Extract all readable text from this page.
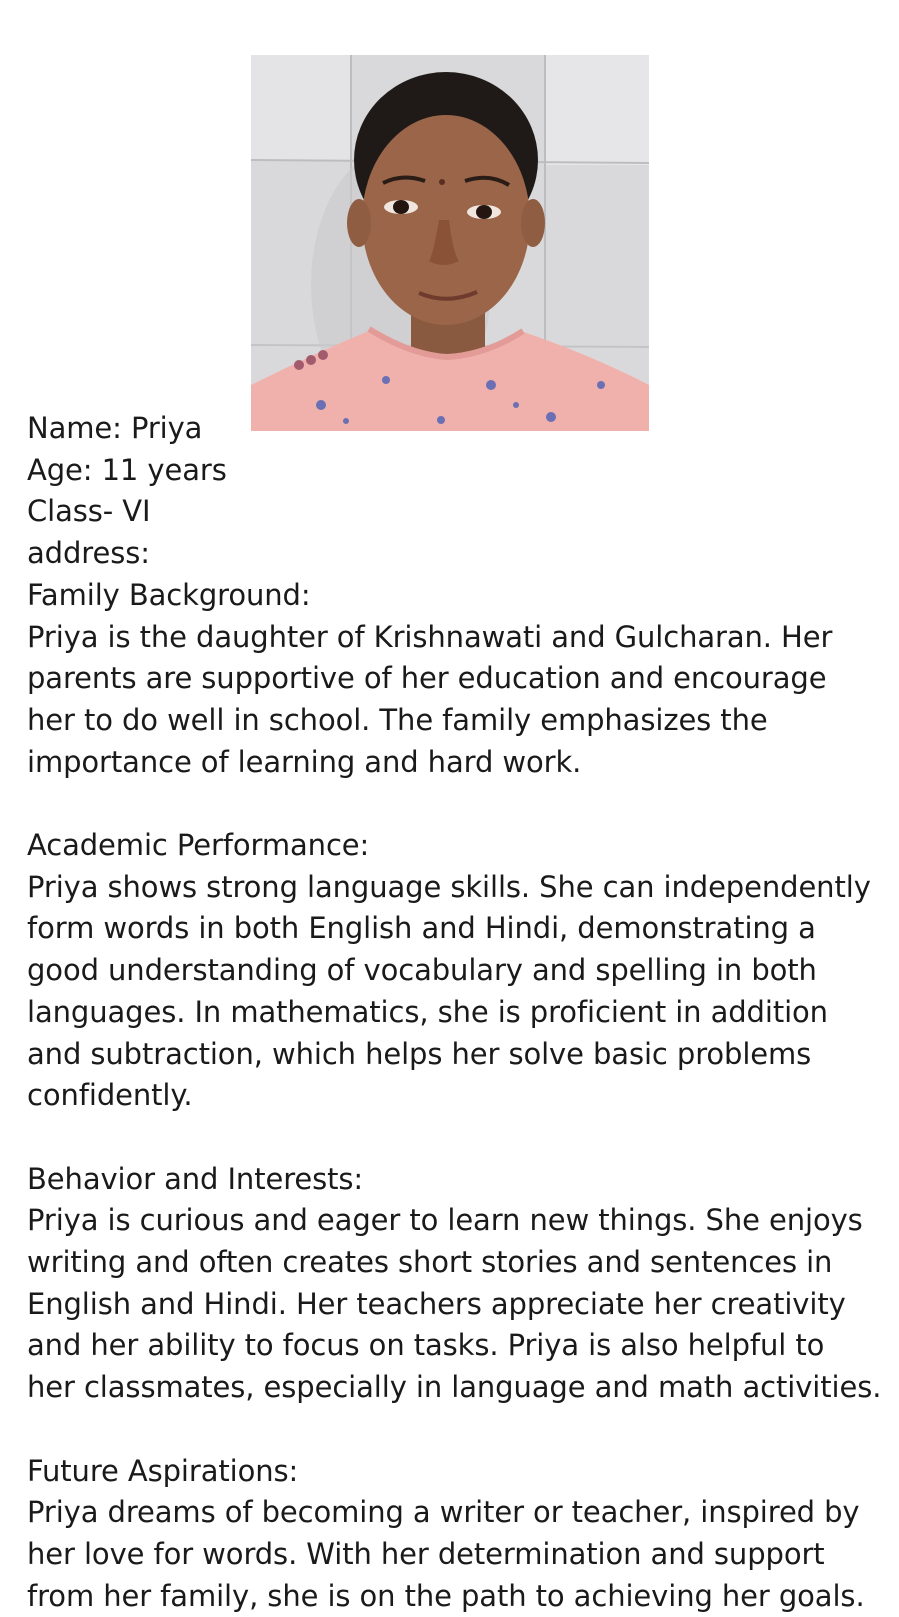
Name: Priya
Age: 11 years
Class- VI
address:
Family Background:
Priya is the daughter of Krishnawati and Gulcharan. Her
parents are supportive of her education and encourage
her to do well in school. The family emphasizes the
importance of learning and hard work.
Academic Performance:
Priya shows strong language skills. She can independently
form words in both English and Hindi, demonstrating a
good understanding of vocabulary and spelling in both
languages. In mathematics, she is proficient in addition
and subtraction, which helps her solve basic problems
confidently.
Behavior and Interests:
Priya is curious and eager to learn new things. She enjoys
writing and often creates short stories and sentences in
English and Hindi. Her teachers appreciate her creativity
and her ability to focus on tasks. Priya is also helpful to
her classmates, especially in language and math activities.
Future Aspirations:
Priya dreams of becoming a writer or teacher, inspired by
her love for words. With her determination and support
from her family, she is on the path to achieving her goals.
